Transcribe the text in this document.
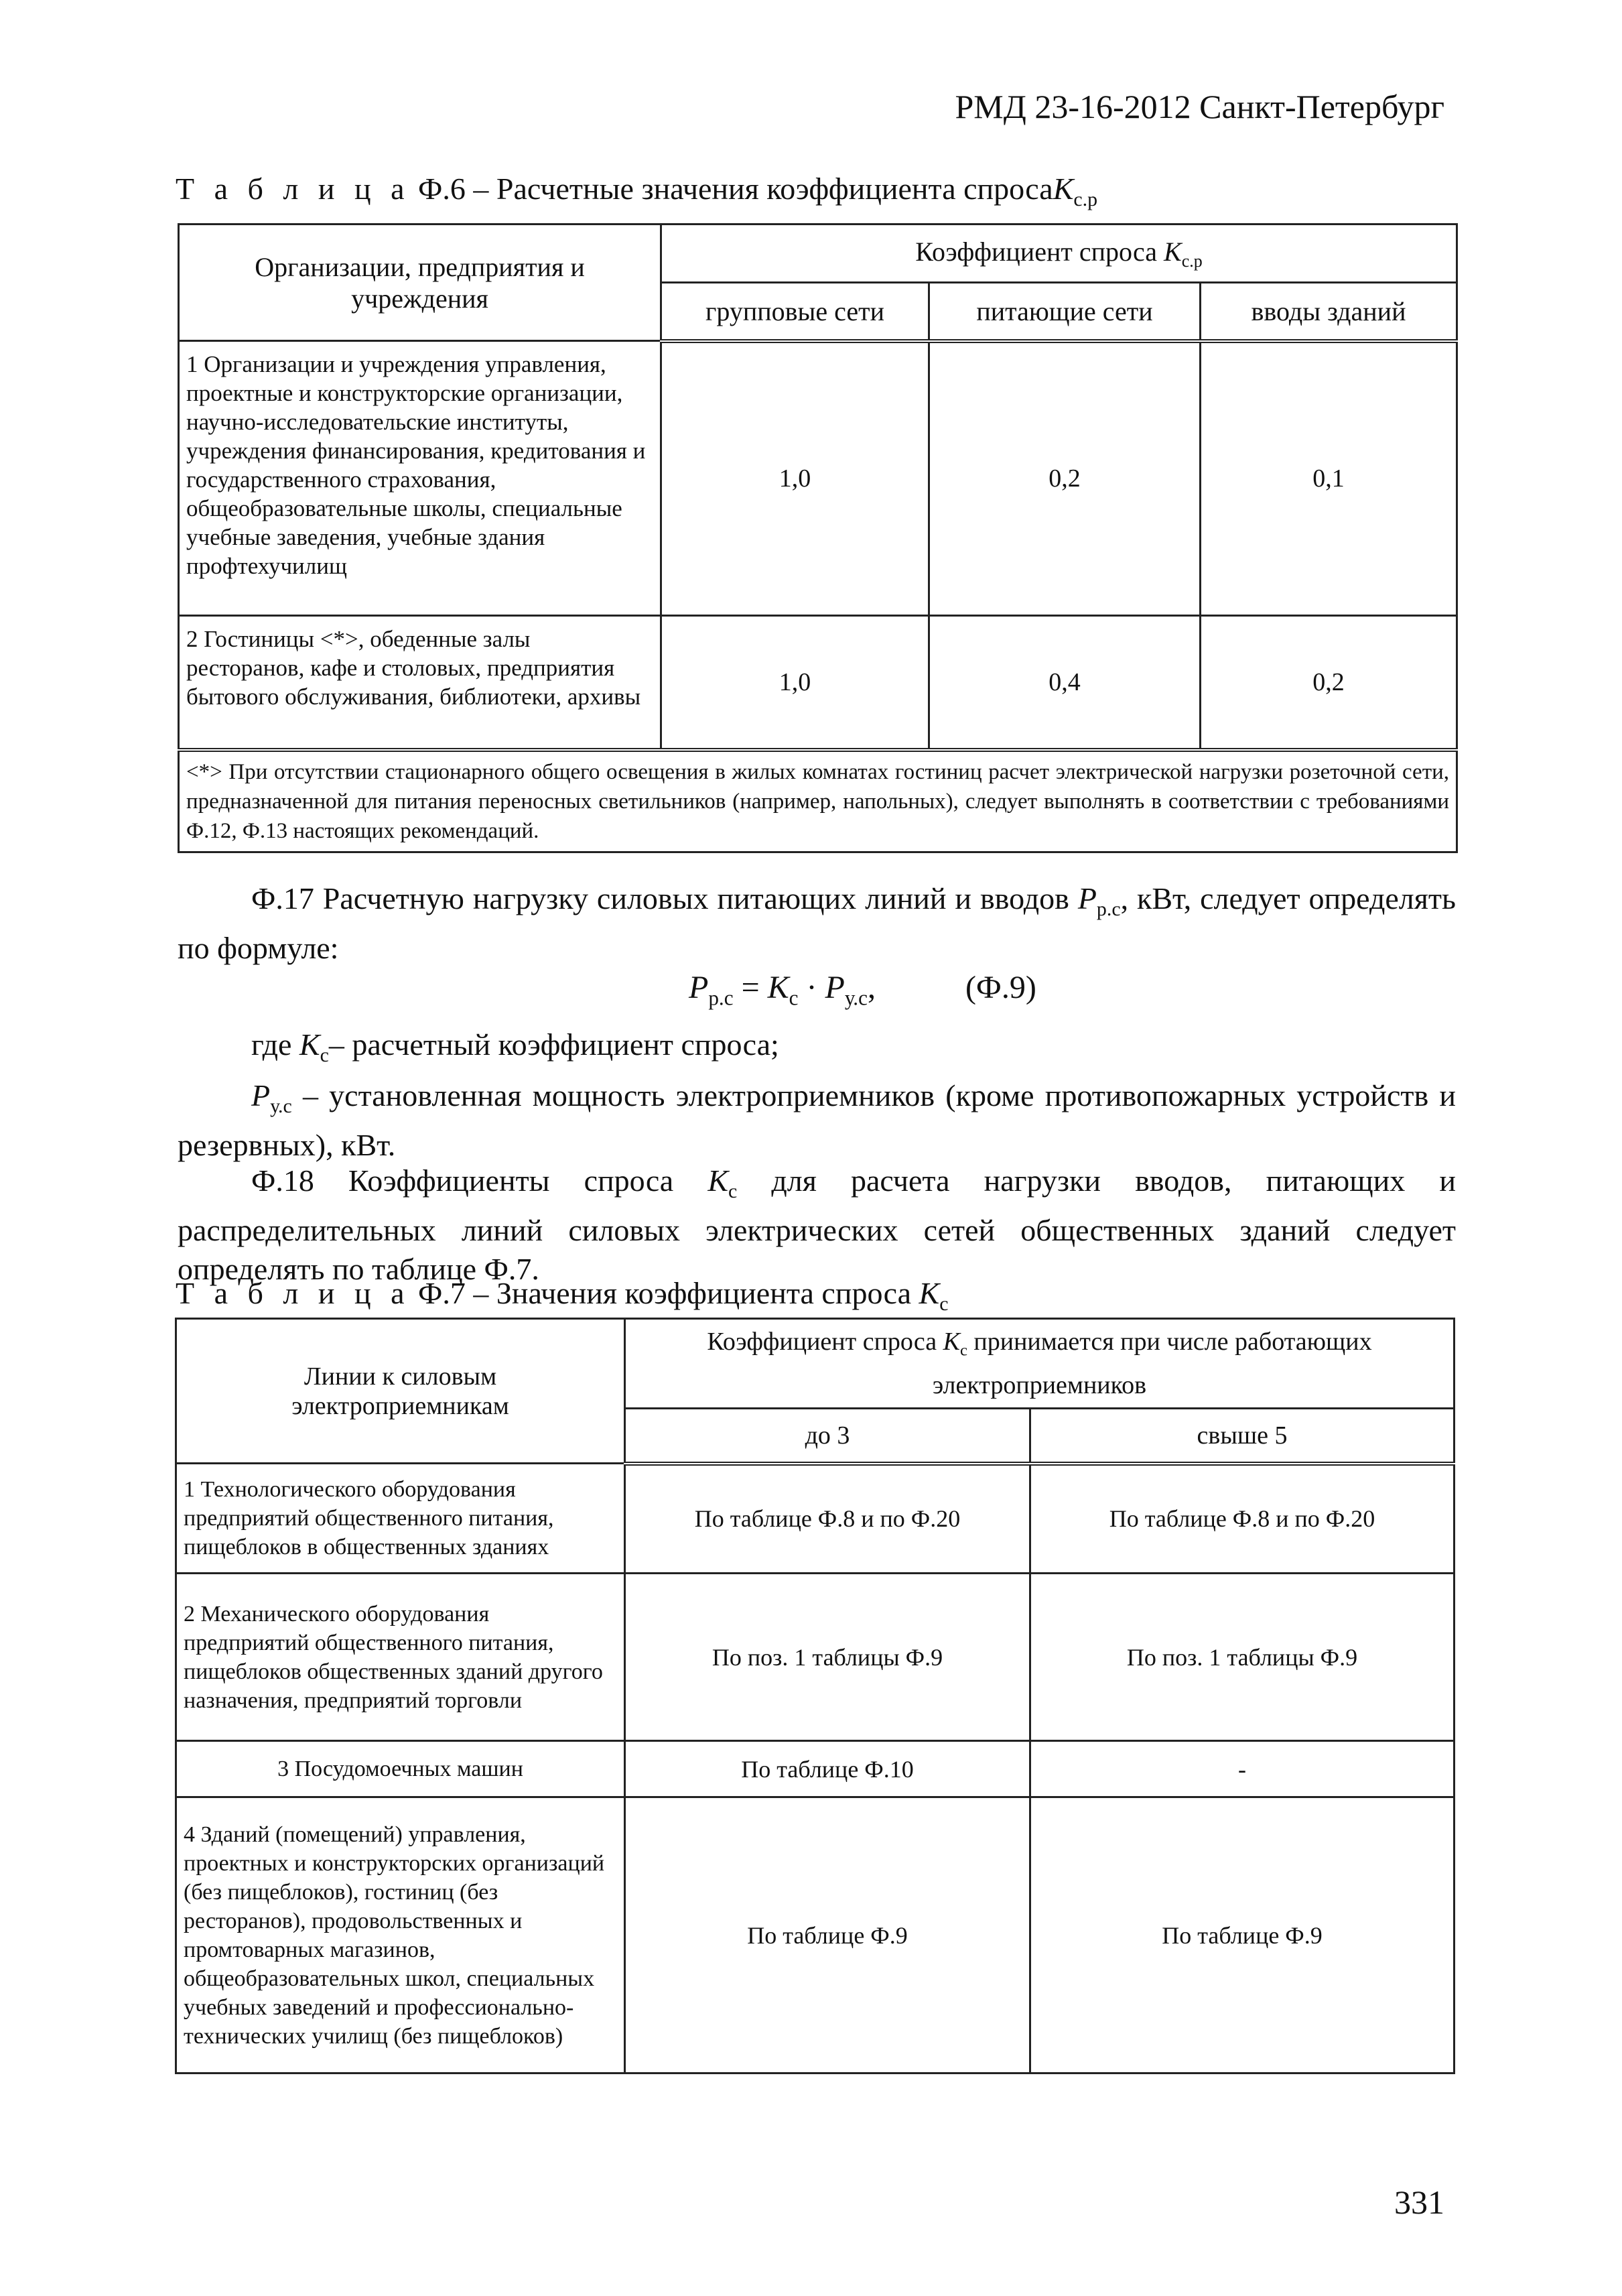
РМД 23-16-2012 Санкт-Петербург
Т а б л и ц а Ф.6 – Расчетные значения коэффициента спросаK$_{с.р}$
Организации, предприятия и учреждения	Коэффициент спроса $K_{с.р}$
	групповые сети	питающие сети	вводы зданий
1 Организации и учреждения управления, проектные и конструкторские организации, научно-исследовательские институты, учреждения финансирования, кредитования и государственного страхования, общеобразовательные школы, специальные учебные заведения, учебные здания профтехучилищ	1,0	0,2	0,1
2 Гостиницы <*>, обеденные залы ресторанов, кафе и столовых, предприятия бытового обслуживания, библиотеки, архивы	1,0	0,4	0,2
<*> При отсутствии стационарного общего освещения в жилых комнатах гостиниц расчет электрической нагрузки розеточной сети, предназначенной для питания переносных светильников (например, напольных), следует выполнять в соответствии с требованиями Ф.12, Ф.13 настоящих рекомендаций.			
Ф.17 Расчетную нагрузку силовых питающих линий и вводов $P_{р.с}$, кВт, следует определять по формуле:
$P_{р.с} = K_с \cdot P_{у.с}$,	(Ф.9)
где $K_с-$ расчетный коэффициент спроса;
$P_{у.с}$ – установленная мощность электроприемников (кроме противопожарных устройств и резервных), кВт.
Ф.18 Коэффициенты спроса $K_с$ для расчета нагрузки вводов, питающих и распределительных линий силовых электрических сетей общественных зданий следует определять по таблице Ф.7.
Т а б л и ц а Ф.7 – Значения коэффициента спроса $K_с$
Линии к силовым электроприемникам	Коэффициент спроса $K_с$ принимается при числе работающих электроприемников	
	до 3	свыше 5
1 Технологического оборудования предприятий общественного питания, пищеблоков в общественных зданиях	По таблице Ф.8 и по Ф.20	По таблице Ф.8 и по Ф.20
2 Механического оборудования предприятий общественного питания, пищеблоков общественных зданий другого назначения, предприятий торговли	По поз. 1 таблицы Ф.9	По поз. 1 таблицы Ф.9
3 Посудомоечных машин	По таблице Ф.10	-
4 Зданий (помещений) управления, проектных и конструкторских организаций (без пищеблоков), гостиниц (без ресторанов), продовольственных и промтоварных магазинов, общеобразовательных школ, специальных учебных заведений и профессионально-технических училищ (без пищеблоков)	По таблице Ф.9	По таблице Ф.9
331
